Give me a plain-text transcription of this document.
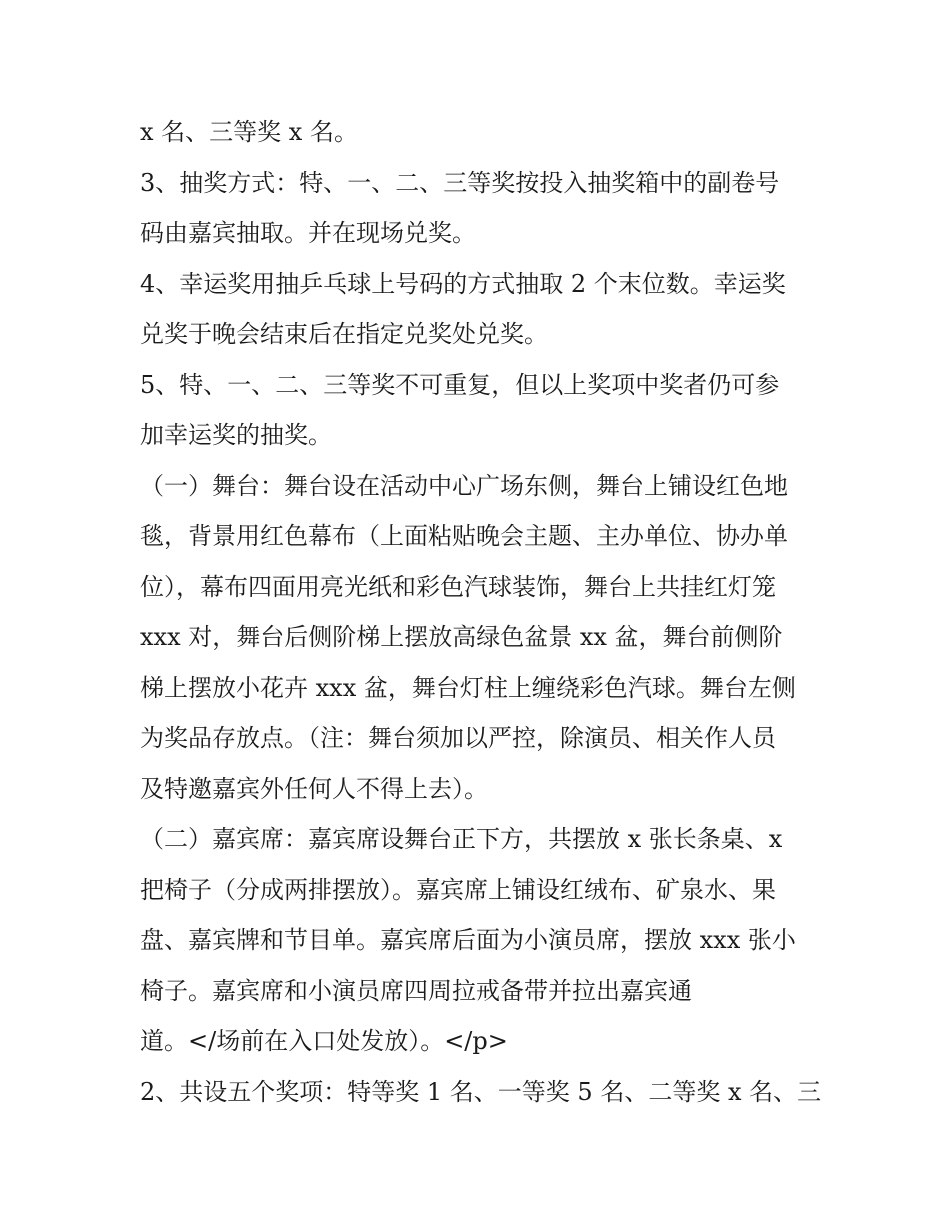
x 名、三等奖 x 名。
3、抽奖方式：特、一、二、三等奖按投入抽奖箱中的副卷号
码由嘉宾抽取。并在现场兑奖。
4、幸运奖用抽乒乓球上号码的方式抽取 2 个末位数。幸运奖
兑奖于晚会结束后在指定兑奖处兑奖。
5、特、一、二、三等奖不可重复，但以上奖项中奖者仍可参
加幸运奖的抽奖。
（一）舞台：舞台设在活动中心广场东侧，舞台上铺设红色地
毯，背景用红色幕布（上面粘贴晚会主题、主办单位、协办单
位），幕布四面用亮光纸和彩色汽球装饰，舞台上共挂红灯笼
xxx 对，舞台后侧阶梯上摆放高绿色盆景 xx 盆，舞台前侧阶
梯上摆放小花卉 xxx 盆，舞台灯柱上缠绕彩色汽球。舞台左侧
为奖品存放点。（注：舞台须加以严控，除演员、相关作人员
及特邀嘉宾外任何人不得上去）。
（二）嘉宾席：嘉宾席设舞台正下方，共摆放 x 张长条桌、x
把椅子（分成两排摆放）。嘉宾席上铺设红绒布、矿泉水、果
盘、嘉宾牌和节目单。嘉宾席后面为小演员席，摆放 xxx 张小
椅子。嘉宾席和小演员席四周拉戒备带并拉出嘉宾通
道。</场前在入口处发放）。</p>
2、共设五个奖项：特等奖 1 名、一等奖 5 名、二等奖 x 名、三
